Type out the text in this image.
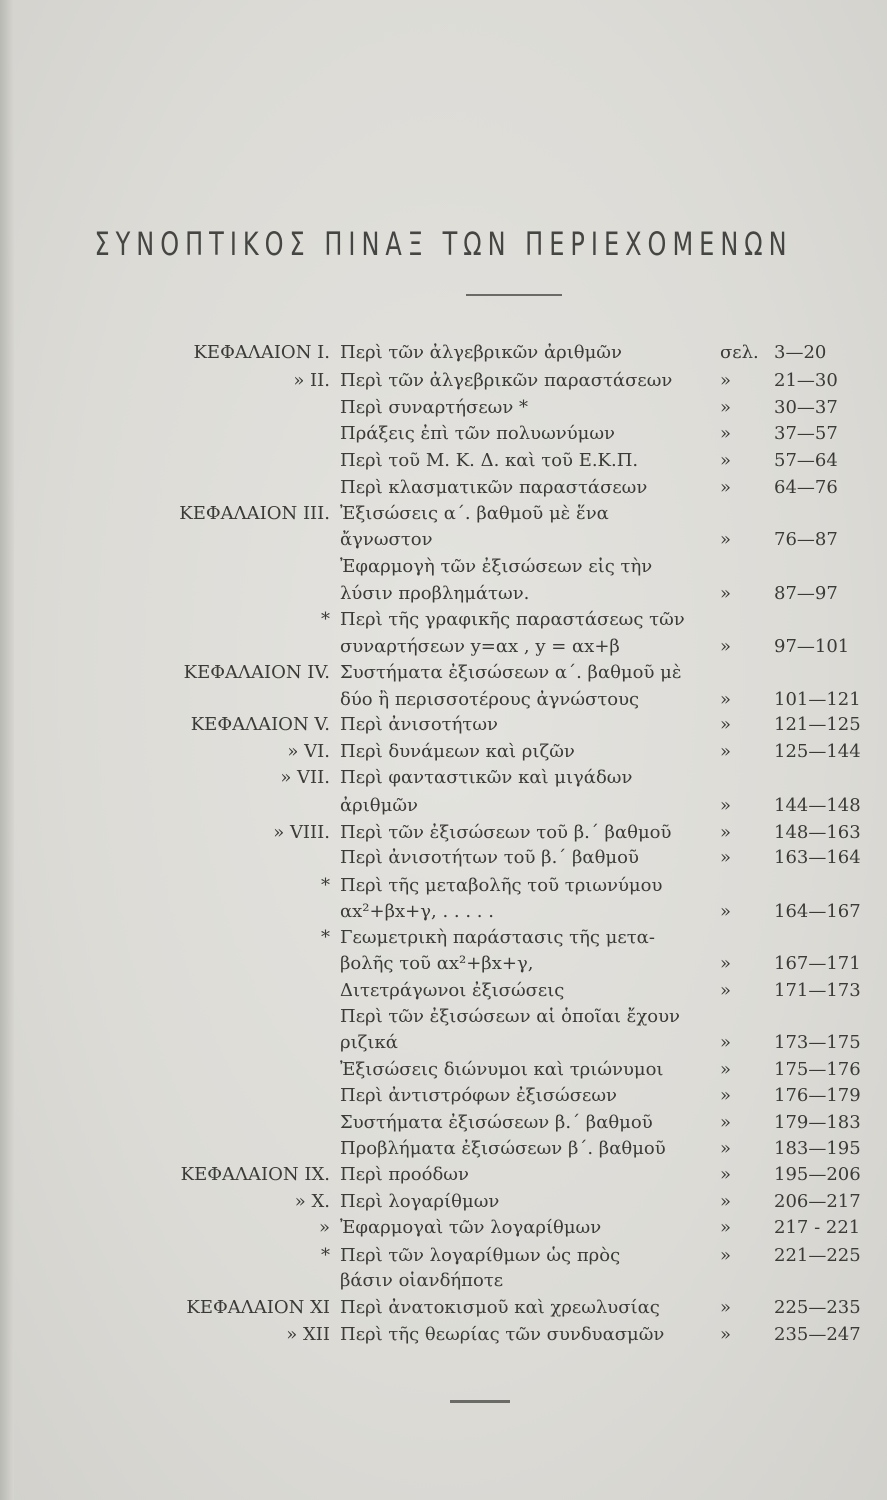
ΣΥΝΟΠΤΙΚΟΣ ΠΙΝΑΞ ΤΩΝ ΠΕΡΙΕΧΟΜΕΝΩΝ
ΚΕΦΑΛΑΙΟΝ Ι. Περὶ τῶν ἀλγεβρικῶν ἀριθμῶν	σελ. 3—20
» ΙΙ. Περὶ τῶν ἀλγεβρικῶν παραστάσεων	» 21—30
Περὶ συναρτήσεων *	» 30—37
Πράξεις ἐπὶ τῶν πολυωνύμων	» 37—57
Περὶ τοῦ Μ. Κ. Δ. καὶ τοῦ Ε.Κ.Π.	» 57—64
Περὶ κλασματικῶν παραστάσεων	» 64—76
ΚΕΦΑΛΑΙΟΝ ΙΙΙ. Ἐξισώσεις α΄. βαθμοῦ μὲ ἕνα
ἄγνωστον	» 76—87
Ἐφαρμογὴ τῶν ἐξισώσεων εἰς τὴν
λύσιν προβλημάτων.	» 87—97
* Περὶ τῆς γραφικῆς παραστάσεως τῶν
συναρτήσεων y=αx , y = αx+β	» 97—101
ΚΕΦΑΛΑΙΟΝ ΙV. Συστήματα ἐξισώσεων α΄. βαθμοῦ μὲ
δύο ἢ περισσοτέρους ἀγνώστους	» 101—121
ΚΕΦΑΛΑΙΟΝ V. Περὶ ἀνισοτήτων	» 121—125
» VI. Περὶ δυνάμεων καὶ ριζῶν	» 125—144
» VII. Περὶ φανταστικῶν καὶ μιγάδων
ἀριθμῶν	» 144—148
» VIII. Περὶ τῶν ἐξισώσεων τοῦ β.΄ βαθμοῦ	» 148—163
Περὶ ἀνισοτήτων τοῦ β.΄ βαθμοῦ	» 163—164
* Περὶ τῆς μεταβολῆς τοῦ τριωνύμου
αx²+βx+γ, . . . . .	» 164—167
* Γεωμετρικὴ παράστασις τῆς μετα-
βολῆς τοῦ αx²+βx+γ,	» 167—171
Διτετράγωνοι ἐξισώσεις	» 171—173
Περὶ τῶν ἐξισώσεων αἱ ὁποῖαι ἔχουν
ριζικά	» 173—175
Ἐξισώσεις διώνυμοι καὶ τριώνυμοι	» 175—176
Περὶ ἀντιστρόφων ἐξισώσεων	» 176—179
Συστήματα ἐξισώσεων β.΄ βαθμοῦ	» 179—183
Προβλήματα ἐξισώσεων β΄. βαθμοῦ	» 183—195
ΚΕΦΑΛΑΙΟΝ ΙΧ. Περὶ προόδων	» 195—206
» Χ. Περὶ λογαρίθμων	» 206—217
» Ἐφαρμογαὶ τῶν λογαρίθμων	» 217 - 221
* Περὶ τῶν λογαρίθμων ὡς πρὸς	» 221—225
βάσιν οἱανδήποτε
ΚΕΦΑΛΑΙΟΝ ΧΙ Περὶ ἀνατοκισμοῦ καὶ χρεωλυσίας	» 225—235
» ΧΙΙ Περὶ τῆς θεωρίας τῶν συνδυασμῶν	» 235—247
